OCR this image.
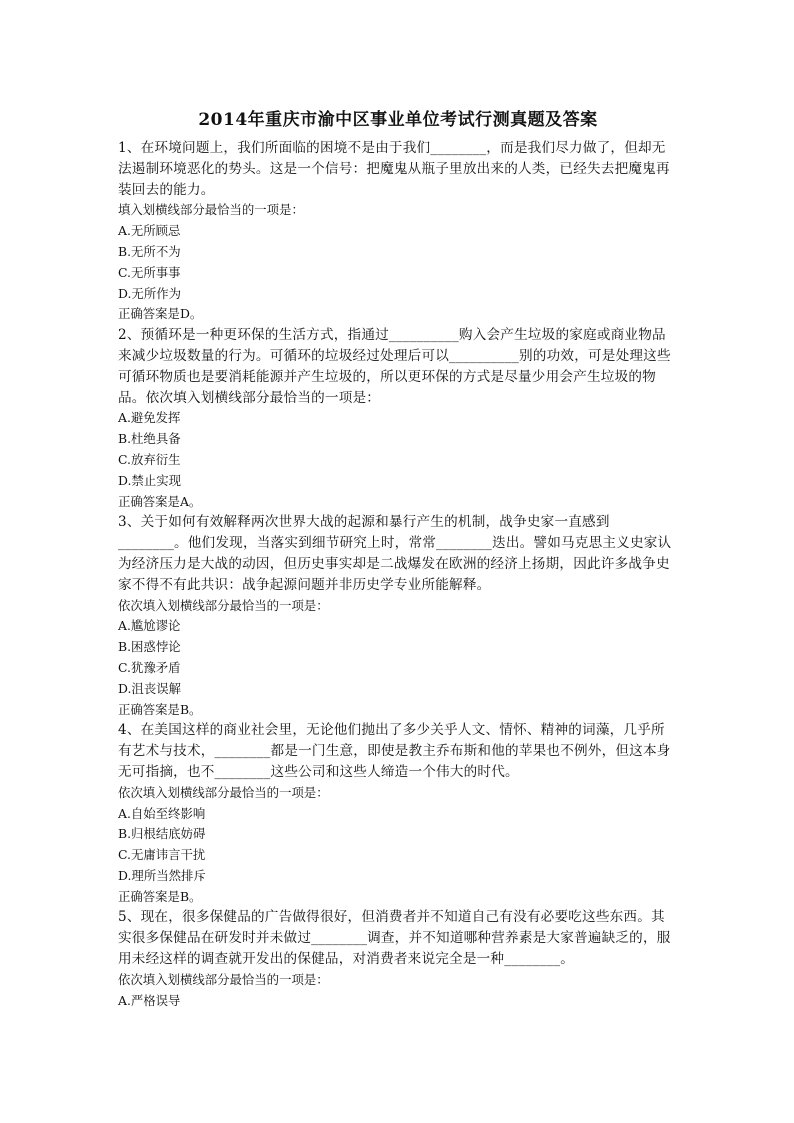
2014年重庆市渝中区事业单位考试行测真题及答案

1、在环境问题上，我们所面临的困境不是由于我们________，而是我们尽力做了，但却无法遏制环境恶化的势头。这是一个信号：把魔鬼从瓶子里放出来的人类，已经失去把魔鬼再装回去的能力。

填入划横线部分最恰当的一项是：

A.无所顾忌

B.无所不为

C.无所事事

D.无所作为

正确答案是D。

2、预循环是一种更环保的生活方式，指通过__________购入会产生垃圾的家庭或商业物品来减少垃圾数量的行为。可循环的垃圾经过处理后可以__________别的功效，可是处理这些可循环物质也是要消耗能源并产生垃圾的，所以更环保的方式是尽量少用会产生垃圾的物品。依次填入划横线部分最恰当的一项是：

A.避免发挥

B.杜绝具备

C.放弃衍生

D.禁止实现

正确答案是A。

3、关于如何有效解释两次世界大战的起源和暴行产生的机制，战争史家一直感到________。他们发现，当落实到细节研究上时，常常________迭出。譬如马克思主义史家认为经济压力是大战的动因，但历史事实却是二战爆发在欧洲的经济上扬期，因此许多战争史家不得不有此共识：战争起源问题并非历史学专业所能解释。

依次填入划横线部分最恰当的一项是：

A.尴尬谬论

B.困惑悖论

C.犹豫矛盾

D.沮丧误解

正确答案是B。

4、在美国这样的商业社会里，无论他们抛出了多少关乎人文、情怀、精神的词藻，几乎所有艺术与技术，________都是一门生意，即使是教主乔布斯和他的苹果也不例外，但这本身无可指摘，也不________这些公司和这些人缔造一个伟大的时代。

依次填入划横线部分最恰当的一项是：

A.自始至终影响

B.归根结底妨碍

C.无庸讳言干扰

D.理所当然排斥

正确答案是B。

5、现在，很多保健品的广告做得很好，但消费者并不知道自己有没有必要吃这些东西。其实很多保健品在研发时并未做过________调查，并不知道哪种营养素是大家普遍缺乏的，服用未经这样的调查就开发出的保健品，对消费者来说完全是一种________。

依次填入划横线部分最恰当的一项是：

A.严格误导
